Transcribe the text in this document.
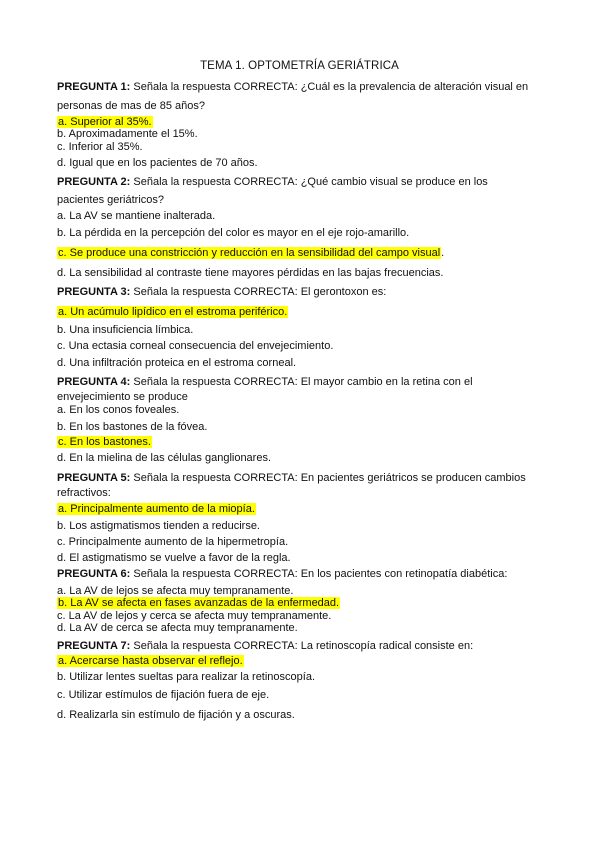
TEMA 1. OPTOMETRÍA GERIÁTRICA
PREGUNTA 1: Señala la respuesta CORRECTA: ¿Cuál es la prevalencia de alteración visual en
personas de mas de 85 años?
a. Superior al 35%.
b. Aproximadamente el 15%.
c. Inferior al 35%.
d. Igual que en los pacientes de 70 años.
PREGUNTA 2: Señala la respuesta CORRECTA: ¿Qué cambio visual se produce en los
pacientes geriátricos?
a. La AV se mantiene inalterada.
b. La pérdida en la percepción del color es mayor en el eje rojo-amarillo.
c. Se produce una constricción y reducción en la sensibilidad del campo visual.
d. La sensibilidad al contraste tiene mayores pérdidas en las bajas frecuencias.
PREGUNTA 3: Señala la respuesta CORRECTA: El gerontoxon es:
a. Un acúmulo lipídico en el estroma periférico.
b. Una insuficiencia límbica.
c. Una ectasia corneal consecuencia del envejecimiento.
d. Una infiltración proteica en el estroma corneal.
PREGUNTA 4: Señala la respuesta CORRECTA: El mayor cambio en la retina con el
envejecimiento se produce
a. En los conos foveales.
b. En los bastones de la fóvea.
c. En los bastones.
d. En la mielina de las células ganglionares.
PREGUNTA 5: Señala la respuesta CORRECTA: En pacientes geriátricos se producen cambios
refractivos:
a. Principalmente aumento de la miopía.
b. Los astigmatismos tienden a reducirse.
c. Principalmente aumento de la hipermetropía.
d. El astigmatismo se vuelve a favor de la regla.
PREGUNTA 6: Señala la respuesta CORRECTA: En los pacientes con retinopatía diabética:
a. La AV de lejos se afecta muy tempranamente.
b. La AV se afecta en fases avanzadas de la enfermedad.
c. La AV de lejos y cerca se afecta muy tempranamente.
d. La AV de cerca se afecta muy tempranamente.
PREGUNTA 7: Señala la respuesta CORRECTA: La retinoscopía radical consiste en:
a. Acercarse hasta observar el reflejo.
b. Utilizar lentes sueltas para realizar la retinoscopía.
c. Utilizar estímulos de fijación fuera de eje.
d. Realizarla sin estímulo de fijación y a oscuras.
